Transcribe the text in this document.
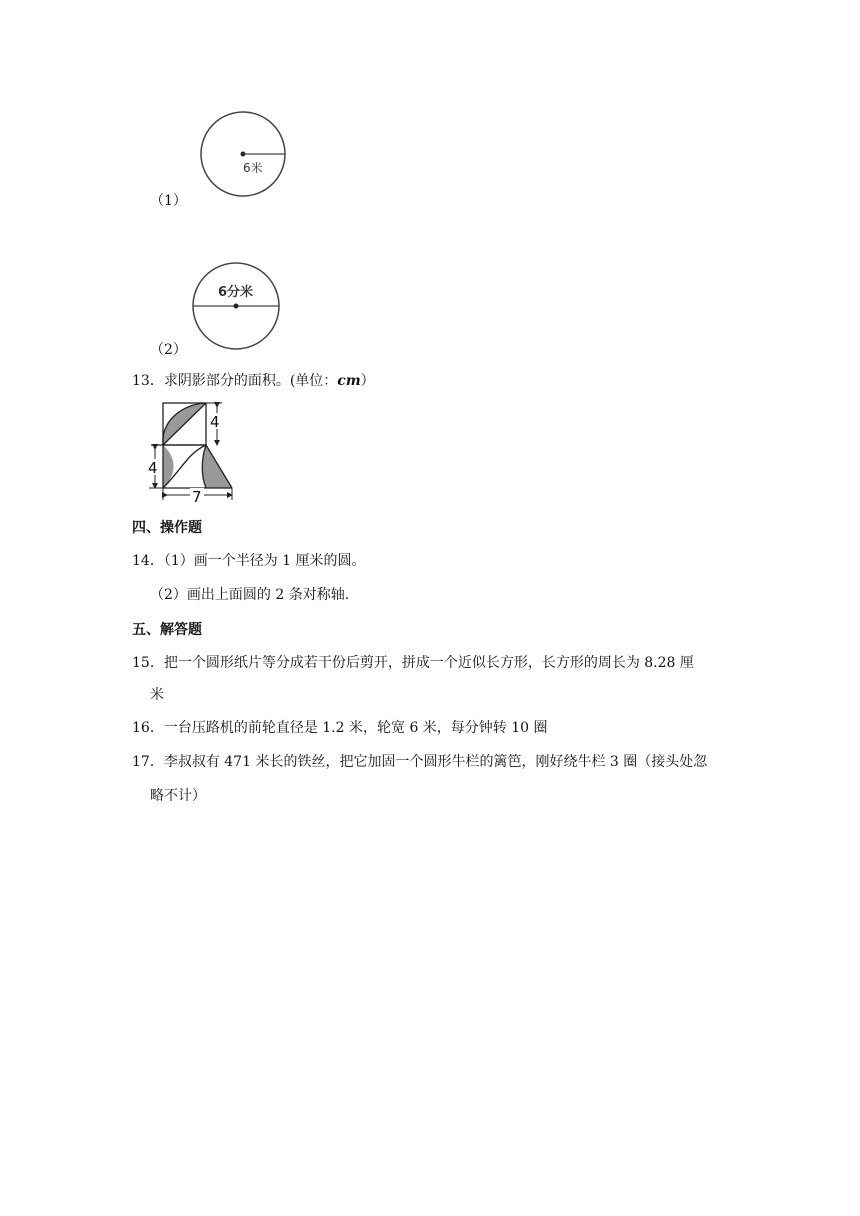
6米
（1）
6分米
（2）
13．求阴影部分的面积。(单位：cm）
4
4
7
四、操作题
14．（1）画一个半径为 1 厘米的圆。
（2）画出上面圆的 2 条对称轴.
五、解答题
15．把一个圆形纸片等分成若干份后剪开，拼成一个近似长方形，长方形的周长为 8.28 厘
米
16．一台压路机的前轮直径是 1.2 米，轮宽 6 米，每分钟转 10 圈
17．李叔叔有 471 米长的铁丝，把它加固一个圆形牛栏的篱笆，刚好绕牛栏 3 圈（接头处忽
略不计）
